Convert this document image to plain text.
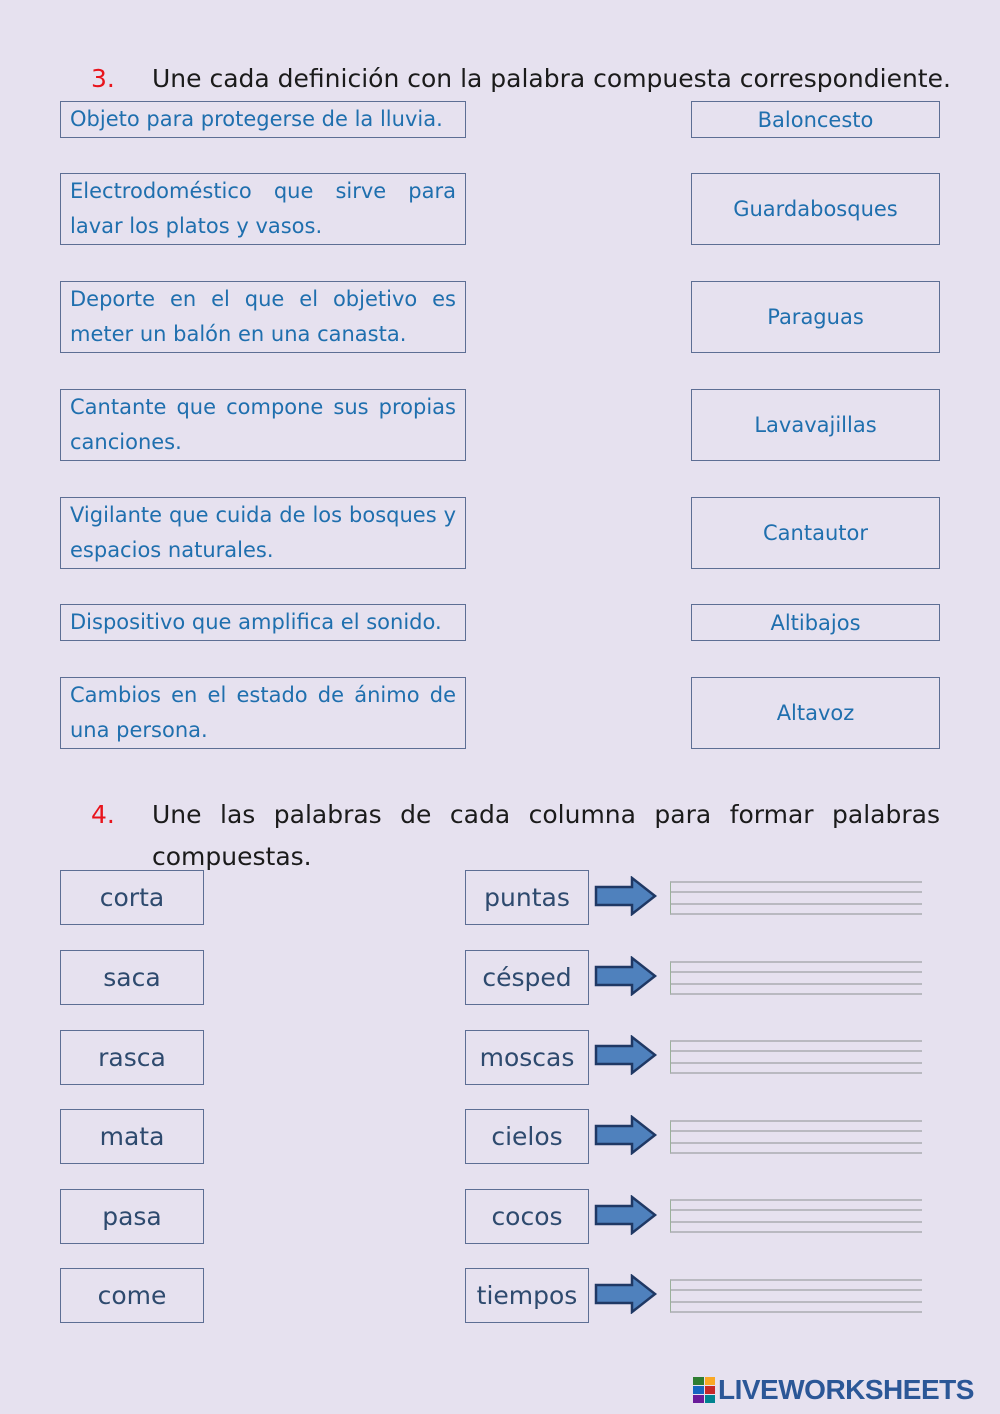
3. Une cada definición con la palabra compuesta correspondiente.
Objeto para protegerse de la lluvia.
Electrodoméstico que sirve para lavar los platos y vasos.
Deporte en el que el objetivo es meter un balón en una canasta.
Cantante que compone sus propias canciones.
Vigilante que cuida de los bosques y espacios naturales.
Dispositivo que amplifica el sonido.
Cambios en el estado de ánimo de una persona.
Baloncesto
Guardabosques
Paraguas
Lavavajillas
Cantautor
Altibajos
Altavoz
4. Une las palabras de cada columna para formar palabras
compuestas.
corta	puntas
saca	césped
rasca	moscas
mata	cielos
pasa	cocos
come	tiempos
LIVEWORKSHEETS
